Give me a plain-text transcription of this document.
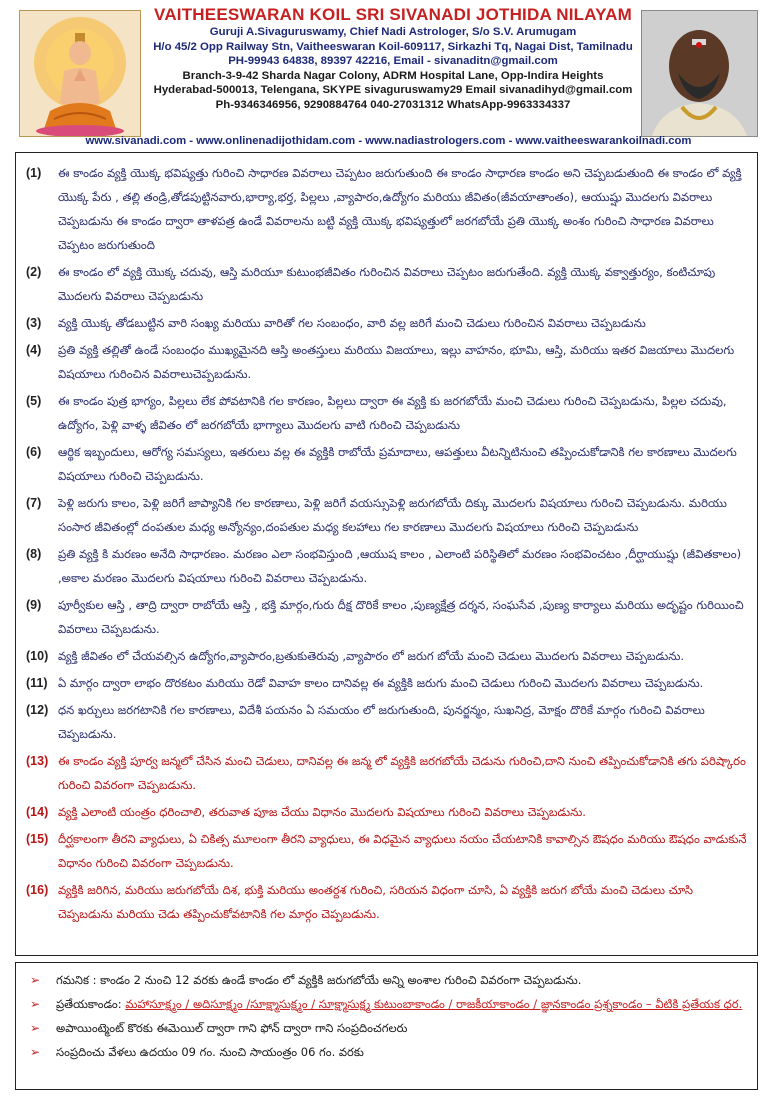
VAITHEESWARAN KOIL SRI SIVANADI JOTHIDA NILAYAM
Guruji A.Sivaguruswamy, Chief Nadi Astrologer, S/o S.V. Arumugam
H/o 45/2 Opp Railway Stn, Vaitheeswaran Koil-609117, Sirkazhi Tq, Nagai Dist, Tamilnadu
PH-99943 64838, 89397 42216, Email - sivanaditn@gmail.com
Branch-3-9-42 Sharda Nagar Colony, ADRM Hospital Lane, Opp-Indira Heights
Hyderabad-500013, Telengana, SKYPE sivaguruswamy29 Email sivanadihyd@gmail.com
Ph-9346346956, 9290884764 040-27031312 WhatsApp-9963334337
www.sivanadi.com - www.onlinenadijothidam.com - www.nadiastrologers.com - www.vaitheeswarankoilnadi.com
(1)	ఈ కాండం వ్యక్తి యొక్క భవిష్యత్తు గురించి సాధారణ వివరాలు చెప్పటం జరుగుతుంది ఈ కాండం సాధారణ కాండం అని చెప్పబడుతుంది ఈ కాండం లో వ్యక్తి యొక్క పేరు , తల్లి తండ్రి,తోడపుట్టినవారు,భార్యా,భర్త, పిల్లలు ,వ్యాపారం,ఉద్యోగం మరియు జీవితం(జీవయాతాంతం), ఆయుష్షు మొదలగు వివరాలు చెప్పబడును ఈ కాండం ద్వారా తాళపత్ర ఉండే వివరాలను బట్టి వ్యక్తి యొక్క భవిష్యత్తులో జరగబోయే ప్రతి యొక్క అంశం గురించి సాధారణ వివరాలు చెప్పటం జరుగుతుంది
(2)	ఈ కాండం లో వ్యక్తి యొక్క చదువు, ఆస్తి మరియూ కుటుంభజీవితం గురించిన వివరాలు చెప్పటం జరుగుతేంది. వ్యక్తి యొక్క వక్వాత్తుర్యం, కంటిచూపు మొదలగు వివరాలు చెప్పబడును
(3)	వ్యక్తి యొక్క తోడబుట్టిన వారి సంఖ్య మరియు వారితో గల సంబంధం, వారి వల్ల జరిగే మంచి చెడులు గురించిన వివరాలు చెప్పబడును
(4)	ప్రతి వ్యక్తి తల్లితో ఉండే సంబంధం ముఖ్యమైనది ఆస్తి అంతస్తులు మరియు విజయాలు, ఇల్లు వాహనం, భూమి, ఆస్తి, మరియు ఇతర విజయాలు మొదలగు విషయాలు గురించిన వివరాలుచెప్పబడును.
(5)	ఈ కాండం పుత్ర భాగ్యం, పిల్లలు లేక పోవటానికి గల కారణం, పిల్లలు ద్వారా ఈ వ్యక్తి కు జరగబోయే మంచి చెడులు గురించి చెప్పబడును, పిల్లల చదువు, ఉద్యోగం, పెళ్లి వాళ్ళ జీవితం లో జరగబోయే భాగ్యాలు మొదలగు వాటి గురించి చెప్పబడును
(6)	ఆర్థిక ఇబ్బందులు, ఆరోగ్య సమస్యలు, ఇతరులు వల్ల ఈ వ్యక్తికి రాబోయే ప్రమాదాలు, ఆపత్తులు వీటన్నిటినుంచి తప్పించుకోడానికి గల కారణాలు మొదలగు విషయాలు గురించి చెప్పబడును.
(7)	పెళ్లి జరుగు కాలం, పెళ్లి జరిగే జాప్యానికి గల కారణాలు, పెళ్లి జరిగే వయస్సుపెళ్లి జరుగబోయే దిక్కు మొదలగు విషయాలు గురించి చెప్పబడును. మరియు సంసార జీవితంల్లో దంపతుల మధ్య అన్యోన్యం,దంపతుల మధ్య కలహాలు గల కారణాలు మొదలగు విషయాలు గురించి చెప్పబడును
(8)	ప్రతి వ్యక్తి కి మరణం అనేది సాధారణం. మరణం ఎలా సంభవిస్తుంది ,ఆయుష కాలం , ఎలాంటి పరిస్థితిలో మరణం సంభవించటం ,దీర్ఘాయుష్షు (జీవితకాలం) ,అకాల మరణం మొదలగు విషయాలు గురించి వివరాలు చెప్పబడును.
(9)	పూర్వీకుల ఆస్తి , తాద్రి ద్వారా రాబోయే ఆస్తి , భక్తి మార్గం,గురు దీక్ష దొరికే కాలం ,పుణ్యక్షేత్ర దర్శన, సంఘసేవ ,పుణ్య కార్యాలు మరియు అదృష్టం గురియించి వివరాలు చెప్పబడును.
(10) వ్యక్తి జీవితం లో చేయవల్సిన ఉద్యోగం,వ్యాపారం,బ్రతుకుతెరువు ,వ్యాపారం లో జరుగ బోయే మంచి చెడులు మొదలగు వివరాలు చెప్పబడును.
(11) ఏ మార్గం ద్వారా లాభం దొరకటం మరియు రెడో వివాహ కాలం దానివల్ల ఈ వ్యక్తికి జరుగు మంచి చెడులు గురించి మొదలగు వివరాలు చెప్పబడును.
(12) ధన ఖర్చులు జరగటానికి గల కారణాలు, విదేశీ పయనం ఏ సమయం లో జరుగుతుంది, పునర్జన్మం, సుఖనిద్ర, మోక్షం దొరికే మార్గం గురించి వివరాలు చెప్పబడును.
(13) ఈ కాండం వ్యక్తి పూర్వ జన్మలో చేసిన మంచి చెడులు, దానివల్ల ఈ జన్మ లో వ్యక్తికి జరగబోయే చెడును గురించి,దాని నుంచి తప్పించుకోడానికి తగు పరిష్కారం గురించి వివరంగా చెప్పబడును.
(14) వ్యక్తి ఎలాంటి యంత్రం ధరించాలి, తరువాత పూజ చేయు విధానం మొదలగు విషయాలు గురించి వివరాలు చెప్పబడును.
(15) దీర్ఘకాలంగా తీరని వ్యాధులు, ఏ చికిత్స మూలంగా తీరని వ్యాధులు, ఈ విధమైన వ్యాధులు నయం చేయటానికి కావాల్సిన ఔషధం మరియు ఔషధం వాడుకునే విధానం గురించి వివరంగా చెప్పబడును.
(16) వ్యక్తికి జరిగిన, మరియు జరుగబోయే దిశ, భుక్తి మరియు అంతర్దశ గురించి, సరియన విధంగా చూసి, ఏ వ్యక్తికి జరుగ బోయే మంచి చెడులు చూసి చెప్పబడును మరియు చెడు తప్పించుకోవటానికి గల మార్గం చెప్పబడును.
➢	గమనిక : కాండం 2 నుంచి 12 వరకు ఉండే కాండం లో వ్యక్తికి జరుగబోయే అన్ని అంశాల గురించి వివరంగా చెప్పబడును.
➢	ప్రతేయకాండం: మహాసూక్ష్మం / అదిసూక్ష్మం /సూక్ష్మాసుక్ష్మం / సూక్ష్మాసుక్ష్మ కుటుంబాకాండం / రాజకీయాకాండం / జ్ఞానకాండం ప్రశ్నకాండం – వీటికి ప్రతేయక ధర.
➢	అపాయింట్మెంట్ కొరకు ఈమెయిల్ ద్వారా గాని ఫోన్ ద్వారా గాని సంప్రదించగలరు
➢	సంప్రదించు వేళలు ఉదయం 09 గం. నుంచి సాయంత్రం 06 గం. వరకు
